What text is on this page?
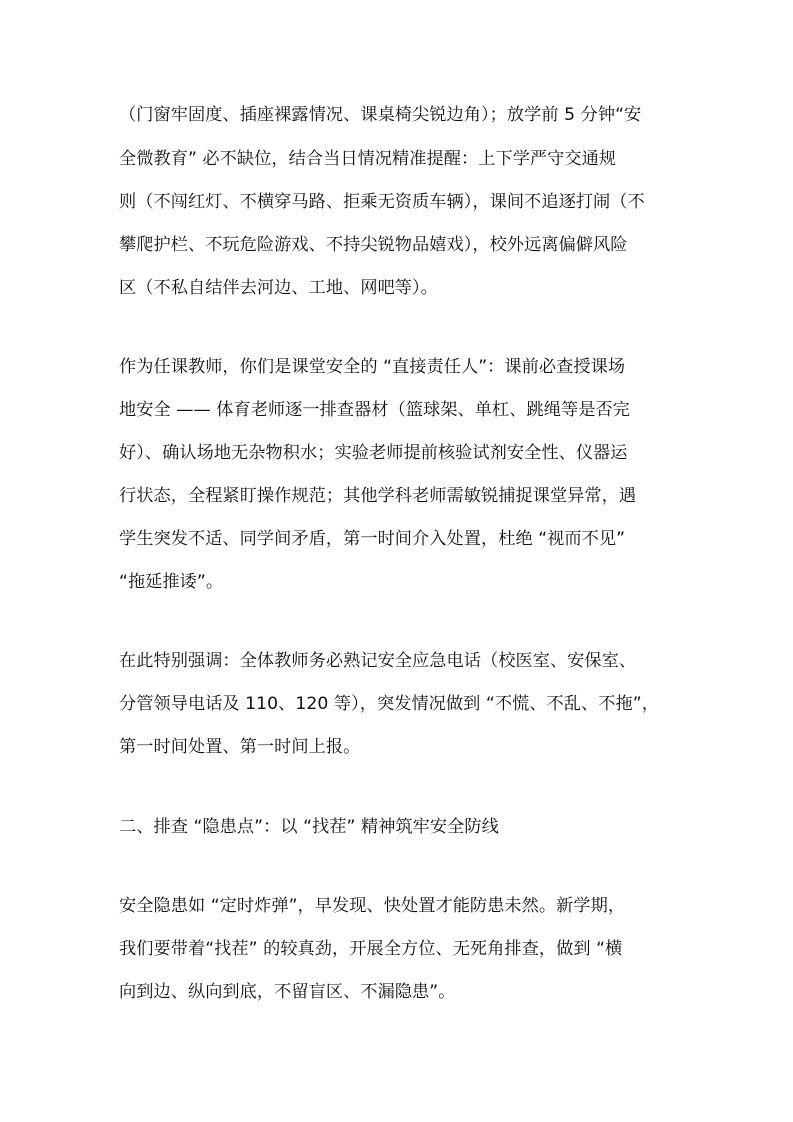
（门窗牢固度、插座裸露情况、课桌椅尖锐边角）；放学前 5 分钟“安
全微教育” 必不缺位，结合当日情况精准提醒：上下学严守交通规
则（不闯红灯、不横穿马路、拒乘无资质车辆），课间不追逐打闹（不
攀爬护栏、不玩危险游戏、不持尖锐物品嬉戏），校外远离偏僻风险
区（不私自结伴去河边、工地、网吧等）。
作为任课教师，你们是课堂安全的 “直接责任人”：课前必查授课场
地安全 —— 体育老师逐一排查器材（篮球架、单杠、跳绳等是否完
好）、确认场地无杂物积水；实验老师提前核验试剂安全性、仪器运
行状态，全程紧盯操作规范；其他学科老师需敏锐捕捉课堂异常，遇
学生突发不适、同学间矛盾，第一时间介入处置，杜绝 “视而不见”
“拖延推诿”。
在此特别强调：全体教师务必熟记安全应急电话（校医室、安保室、
分管领导电话及 110、120 等），突发情况做到 “不慌、不乱、不拖”，
第一时间处置、第一时间上报。
二、排查 “隐患点”：以 “找茬” 精神筑牢安全防线
安全隐患如 “定时炸弹”，早发现、快处置才能防患未然。新学期，
我们要带着“找茬” 的较真劲，开展全方位、无死角排查，做到 “横
向到边、纵向到底，不留盲区、不漏隐患”。
